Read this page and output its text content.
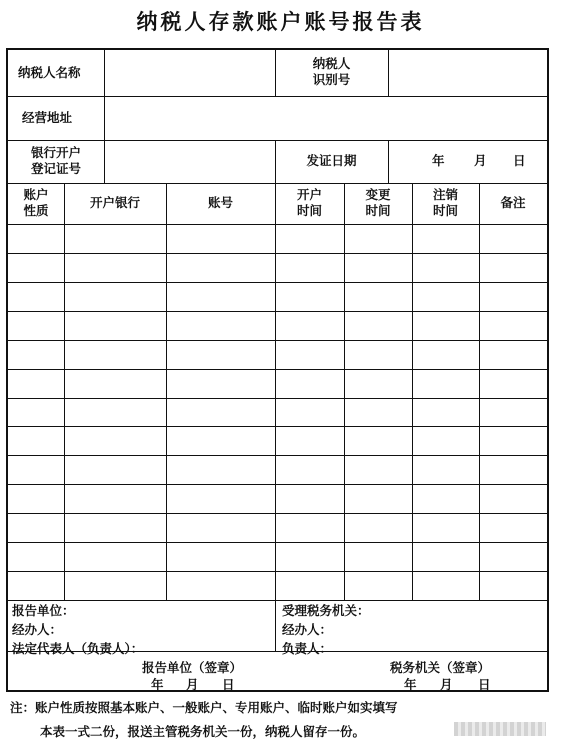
纳税人存款账户账号报告表
纳税人名称
纳税人
识别号
经营地址
银行开户
登记证号
发证日期	年 月 日
账户
性质
开户银行	账号
开户
时间
变更
时间
注销
时间
备注
报告单位：
经办人：
法定代表人（负责人）：
报告单位（签章）
年 月 日
受理税务机关：
经办人：
负责人：
税务机关（签章）
年 月 日
注：账户性质按照基本账户、一般账户、专用账户、临时账户如实填写
本表一式二份，报送主管税务机关一份，纳税人留存一份。
